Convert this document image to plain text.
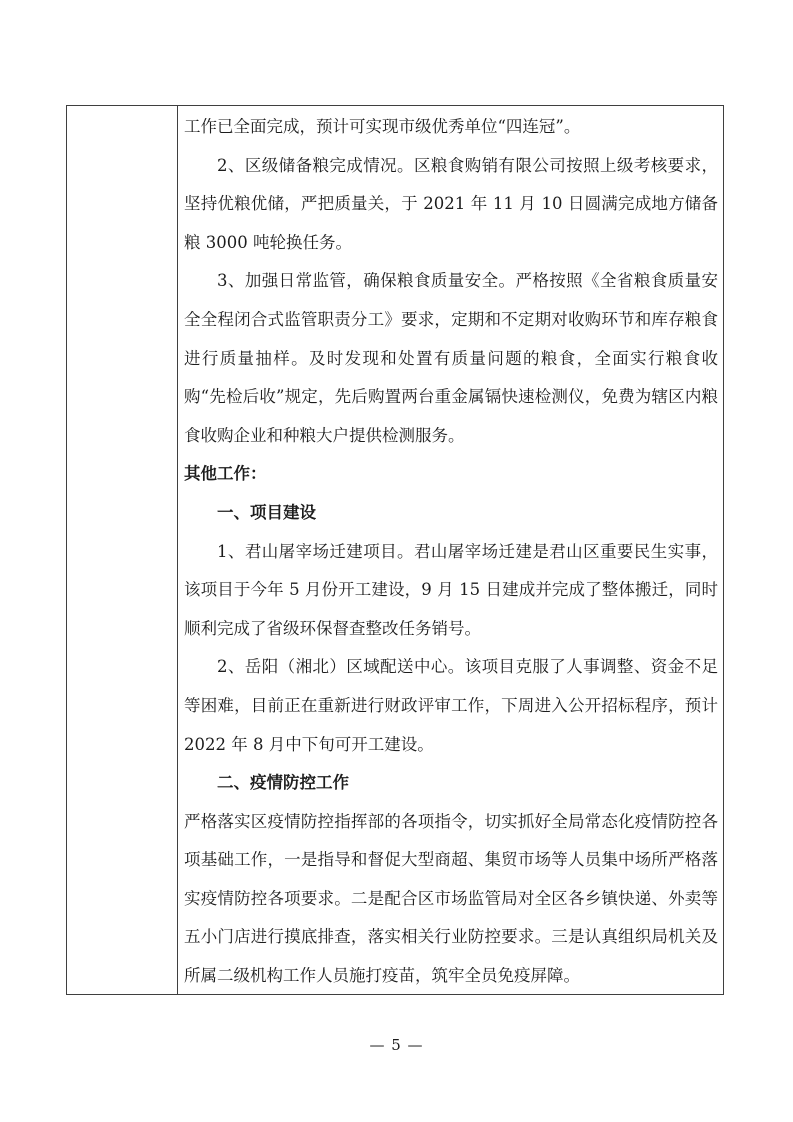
工作已全面完成，预计可实现市级优秀单位“四连冠”。

2、区级储备粮完成情况。区粮食购销有限公司按照上级考核要求，坚持优粮优储，严把质量关，于 2021 年 11 月 10 日圆满完成地方储备粮 3000 吨轮换任务。

3、加强日常监管，确保粮食质量安全。严格按照《全省粮食质量安全全程闭合式监管职责分工》要求，定期和不定期对收购环节和库存粮食进行质量抽样。及时发现和处置有质量问题的粮食，全面实行粮食收购“先检后收”规定，先后购置两台重金属镉快速检测仪，免费为辖区内粮食收购企业和种粮大户提供检测服务。

其他工作：

一、项目建设

1、君山屠宰场迁建项目。君山屠宰场迁建是君山区重要民生实事，该项目于今年 5 月份开工建设，9 月 15 日建成并完成了整体搬迁，同时顺利完成了省级环保督查整改任务销号。

2、岳阳（湘北）区域配送中心。该项目克服了人事调整、资金不足等困难，目前正在重新进行财政评审工作，下周进入公开招标程序，预计 2022 年 8 月中下旬可开工建设。

二、疫情防控工作

严格落实区疫情防控指挥部的各项指令，切实抓好全局常态化疫情防控各项基础工作，一是指导和督促大型商超、集贸市场等人员集中场所严格落实疫情防控各项要求。二是配合区市场监管局对全区各乡镇快递、外卖等五小门店进行摸底排查，落实相关行业防控要求。三是认真组织局机关及所属二级机构工作人员施打疫苗，筑牢全员免疫屏障。

— 5 —
